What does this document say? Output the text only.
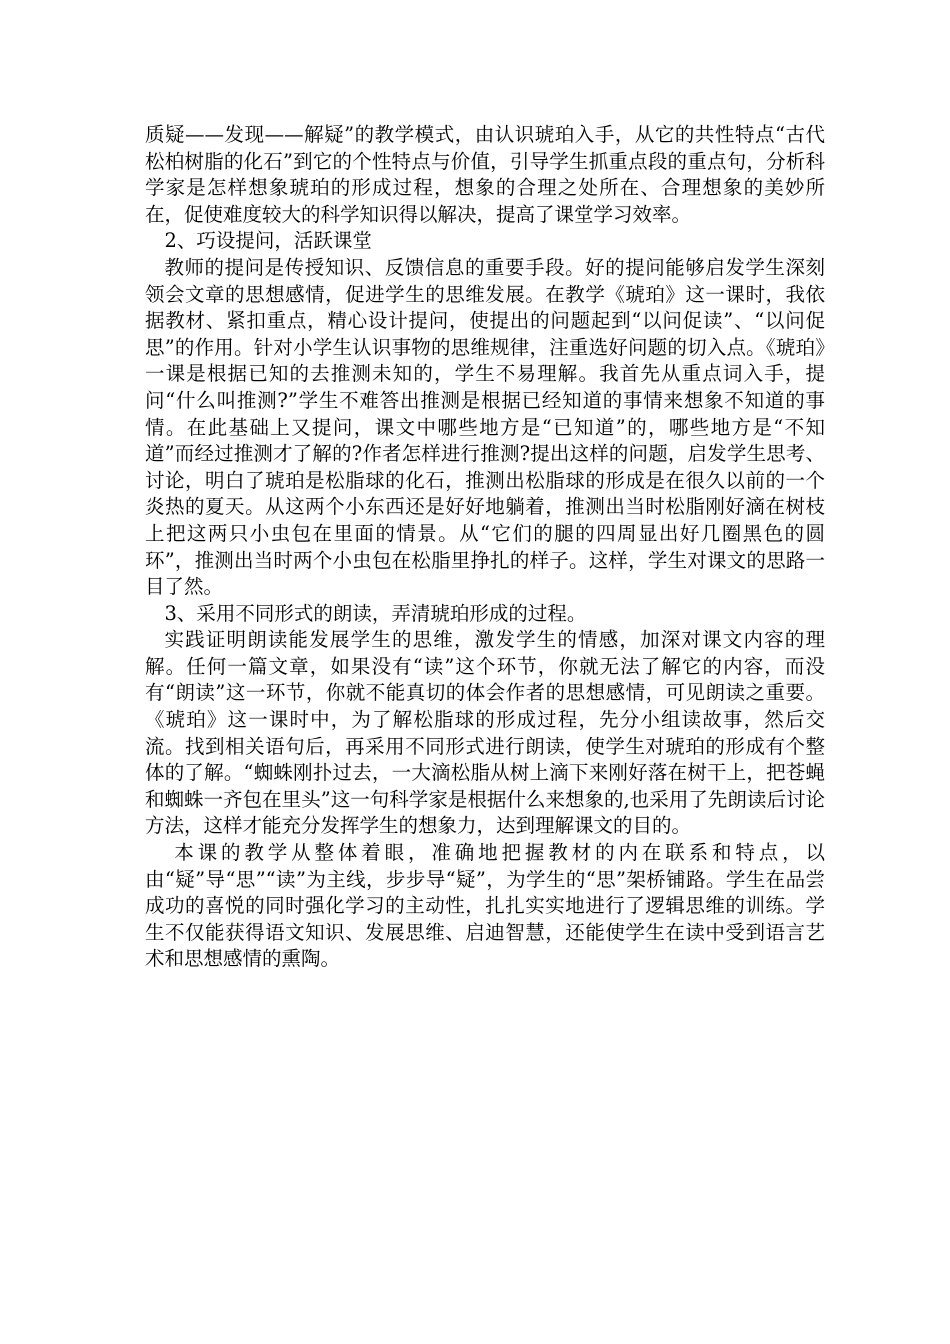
质疑——发现——解疑”的教学模式，由认识琥珀入手，从它的共性特点“古代松柏树脂的化石”到它的个性特点与价值，引导学生抓重点段的重点句，分析科学家是怎样想象琥珀的形成过程，想象的合理之处所在、合理想象的美妙所在，促使难度较大的科学知识得以解决，提高了课堂学习效率。

2、巧设提问，活跃课堂

教师的提问是传授知识、反馈信息的重要手段。好的提问能够启发学生深刻领会文章的思想感情，促进学生的思维发展。在教学《琥珀》这一课时，我依据教材、紧扣重点，精心设计提问，使提出的问题起到“以问促读”、“以问促思”的作用。针对小学生认识事物的思维规律，注重选好问题的切入点。《琥珀》一课是根据已知的去推测未知的，学生不易理解。我首先从重点词入手，提问“什么叫推测?”学生不难答出推测是根据已经知道的事情来想象不知道的事情。在此基础上又提问，课文中哪些地方是“已知道”的，哪些地方是“不知道”而经过推测才了解的?作者怎样进行推测?提出这样的问题，启发学生思考、讨论，明白了琥珀是松脂球的化石，推测出松脂球的形成是在很久以前的一个炎热的夏天。从这两个小东西还是好好地躺着，推测出当时松脂刚好滴在树枝上把这两只小虫包在里面的情景。从“它们的腿的四周显出好几圈黑色的圆环”，推测出当时两个小虫包在松脂里挣扎的样子。这样，学生对课文的思路一目了然。

3、采用不同形式的朗读，弄清琥珀形成的过程。

实践证明朗读能发展学生的思维，激发学生的情感，加深对课文内容的理解。任何一篇文章，如果没有“读”这个环节，你就无法了解它的内容，而没有“朗读”这一环节，你就不能真切的体会作者的思想感情，可见朗读之重要。《琥珀》这一课时中，为了解松脂球的形成过程，先分小组读故事，然后交流。找到相关语句后，再采用不同形式进行朗读，使学生对琥珀的形成有个整体的了解。“蜘蛛刚扑过去，一大滴松脂从树上滴下来刚好落在树干上，把苍蝇和蜘蛛一齐包在里头”这一句科学家是根据什么来想象的,也采用了先朗读后讨论方法，这样才能充分发挥学生的想象力，达到理解课文的目的。

本课的教学从整体着眼，准确地把握教材的内在联系和特点，以由“疑”导“思”“读”为主线，步步导“疑”，为学生的“思”架桥铺路。学生在品尝成功的喜悦的同时强化学习的主动性，扎扎实实地进行了逻辑思维的训练。学生不仅能获得语文知识、发展思维、启迪智慧，还能使学生在读中受到语言艺术和思想感情的熏陶。
